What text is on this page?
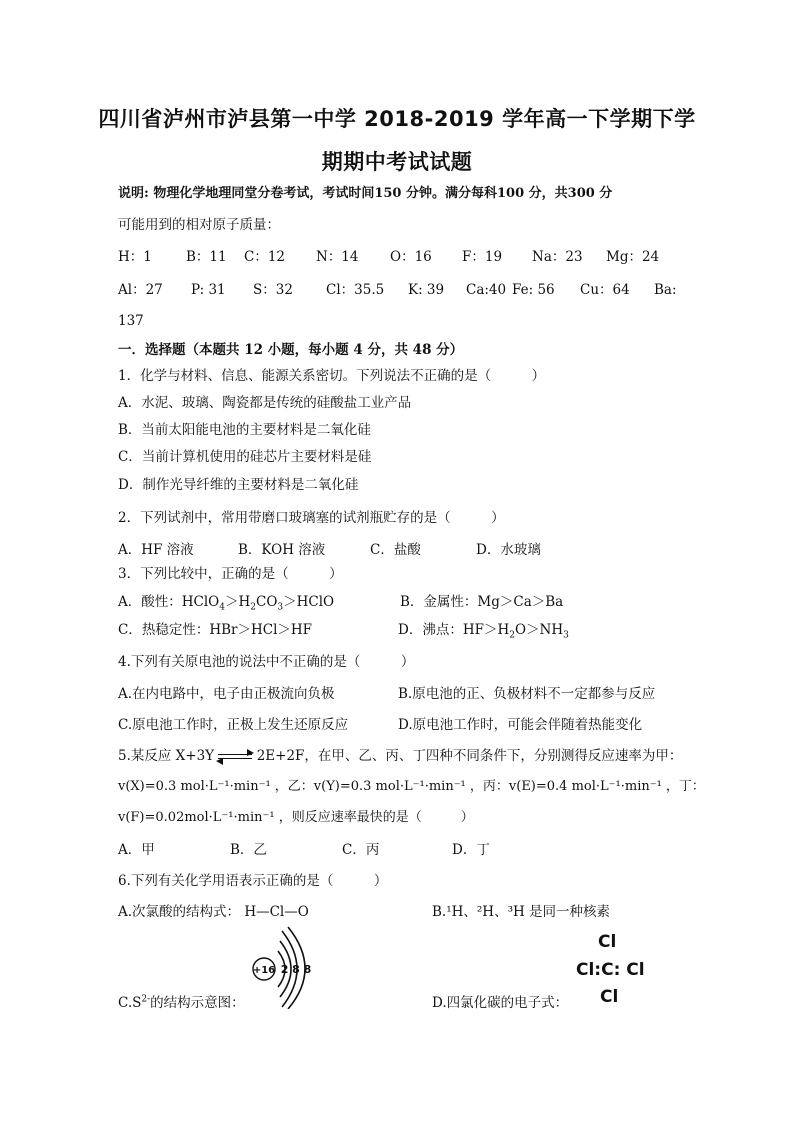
四川省泸州市泸县第一中学 2018-2019 学年高一下学期下学
期期中考试试题
说明: 物理化学地理同堂分卷考试，考试时间150 分钟。满分每科100 分，共300 分
可能用到的相对原子质量：
H：1	B：11 C：12 N：14 O：16 F：19 Na：23 Mg：24
Al：27 P: 31 S：32 Cl：35.5 K: 39 Ca:40 Fe: 56 Cu：64 Ba:
137
一．选择题（本题共 12 小题，每小题 4 分，共 48 分）
1．化学与材料、信息、能源关系密切。下列说法不正确的是（　　　）
A．水泥、玻璃、陶瓷都是传统的硅酸盐工业产品
B．当前太阳能电池的主要材料是二氧化硅
C．当前计算机使用的硅芯片主要材料是硅
D．制作光导纤维的主要材料是二氧化硅
2．下列试剂中，常用带磨口玻璃塞的试剂瓶贮存的是（　　　）
A．HF 溶液	B．KOH 溶液	C．盐酸	D．水玻璃
3．下列比较中，正确的是（　　　）
A．酸性：$HClO_4>H_2CO_3>HClO$	B．金属性：Mg＞Ca＞Ba
C．热稳定性：HBr＞HCl＞HF	D．沸点：$HF>H_2O>NH_3$
4.下列有关原电池的说法中不正确的是（　　　）
A.在内电路中，电子由正极流向负极	B.原电池的正、负极材料不一定都参与反应
C.原电池工作时，正极上发生还原反应	D.原电池工作时，可能会伴随着热能变化
5.某反应 X+3Y	2E+2F，在甲、乙、丙、丁四种不同条件下，分别测得反应速率为甲：
v(X)=0.3 mol·L⁻¹·min⁻¹ ，乙：v(Y)=0.3 mol·L⁻¹·min⁻¹ ，丙：v(E)=0.4 mol·L⁻¹·min⁻¹ ，丁：
v(F)=0.02mol·L⁻¹·min⁻¹ ，则反应速率最快的是（　　　）
A．甲	B．乙	C．丙	D．丁
6.下列有关化学用语表示正确的是（　　　）
A.次氯酸的结构式： H—Cl—O	B.¹H、²H、³H 是同一种核素
+16 2 8 8
$C.S^{2-}$的结构示意图：
Cl
Cl:C: Cl
Cl
D.四氯化碳的电子式：
